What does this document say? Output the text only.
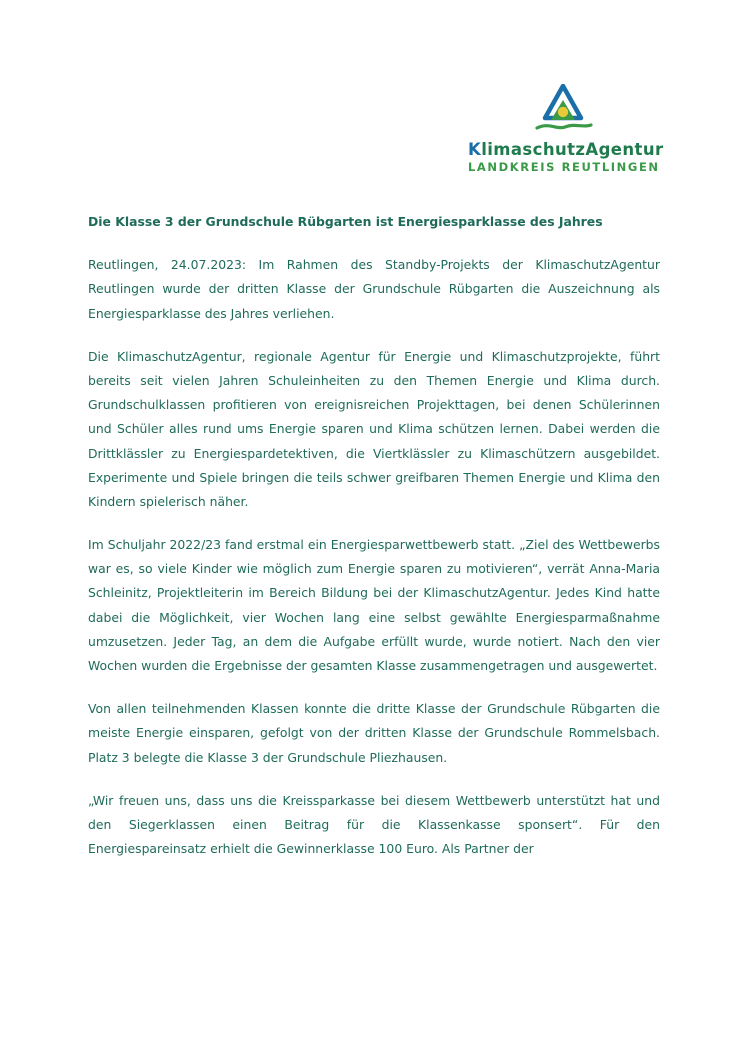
KlimaschutzAgentur
LANDKREIS REUTLINGEN
Die Klasse 3 der Grundschule Rübgarten ist Energiesparklasse des Jahres

Reutlingen, 24.07.2023: Im Rahmen des Standby-Projekts der KlimaschutzAgentur Reutlingen wurde der dritten Klasse der Grundschule Rübgarten die Auszeichnung als Energiesparklasse des Jahres verliehen.

Die KlimaschutzAgentur, regionale Agentur für Energie und Klimaschutzprojekte, führt bereits seit vielen Jahren Schuleinheiten zu den Themen Energie und Klima durch. Grundschulklassen profitieren von ereignisreichen Projekttagen, bei denen Schülerinnen und Schüler alles rund ums Energie sparen und Klima schützen lernen. Dabei werden die Drittklässler zu Energiespardetektiven, die Viertklässler zu Klimaschützern ausgebildet. Experimente und Spiele bringen die teils schwer greifbaren Themen Energie und Klima den Kindern spielerisch näher.

Im Schuljahr 2022/23 fand erstmal ein Energiesparwettbewerb statt. „Ziel des Wettbewerbs war es, so viele Kinder wie möglich zum Energie sparen zu motivieren“, verrät Anna-Maria Schleinitz, Projektleiterin im Bereich Bildung bei der KlimaschutzAgentur. Jedes Kind hatte dabei die Möglichkeit, vier Wochen lang eine selbst gewählte Energiesparmaßnahme umzusetzen. Jeder Tag, an dem die Aufgabe erfüllt wurde, wurde notiert. Nach den vier Wochen wurden die Ergebnisse der gesamten Klasse zusammengetragen und ausgewertet.

Von allen teilnehmenden Klassen konnte die dritte Klasse der Grundschule Rübgarten die meiste Energie einsparen, gefolgt von der dritten Klasse der Grundschule Rommelsbach. Platz 3 belegte die Klasse 3 der Grundschule Pliezhausen.

„Wir freuen uns, dass uns die Kreissparkasse bei diesem Wettbewerb unterstützt hat und den Siegerklassen einen Beitrag für die Klassenkasse sponsert“. Für den Energiespareinsatz erhielt die Gewinnerklasse 100 Euro. Als Partner der
